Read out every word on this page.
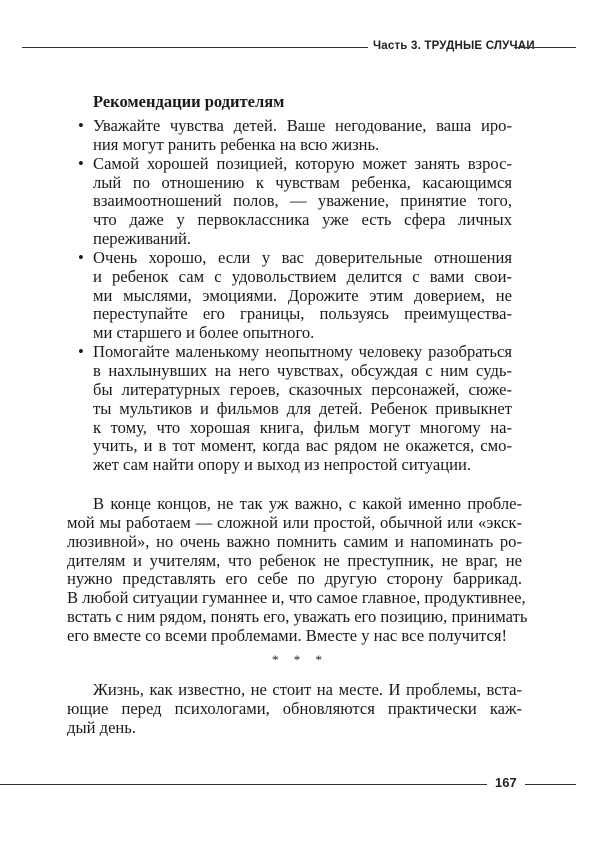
Часть 3. ТРУДНЫЕ СЛУЧАИ
Рекомендации родителям
• Уважайте чувства детей. Ваше негодование, ваша иро-
ния могут ранить ребенка на всю жизнь.
• Самой хорошей позицией, которую может занять взрос-
лый по отношению к чувствам ребенка, касающимся
взаимоотношений полов, — уважение, принятие того,
что даже у первоклассника уже есть сфера личных
переживаний.
• Очень хорошо, если у вас доверительные отношения
и ребенок сам с удовольствием делится с вами свои-
ми мыслями, эмоциями. Дорожите этим доверием, не
переступайте его границы, пользуясь преимущества-
ми старшего и более опытного.
• Помогайте маленькому неопытному человеку разобраться
в нахлынувших на него чувствах, обсуждая с ним судь-
бы литературных героев, сказочных персонажей, сюже-
ты мультиков и фильмов для детей. Ребенок привыкнет
к тому, что хорошая книга, фильм могут многому на-
учить, и в тот момент, когда вас рядом не окажется, смо-
жет сам найти опору и выход из непростой ситуации.
В конце концов, не так уж важно, с какой именно пробле-
мой мы работаем — сложной или простой, обычной или «экск-
люзивной», но очень важно помнить самим и напоминать ро-
дителям и учителям, что ребенок не преступник, не враг, не
нужно представлять его себе по другую сторону баррикад.
В любой ситуации гуманнее и, что самое главное, продуктивнее,
встать с ним рядом, понять его, уважать его позицию, принимать
его вместе со всеми проблемами. Вместе у нас все получится!
* * *
Жизнь, как известно, не стоит на месте. И проблемы, вста-
ющие перед психологами, обновляются практически каж-
дый день.
167
